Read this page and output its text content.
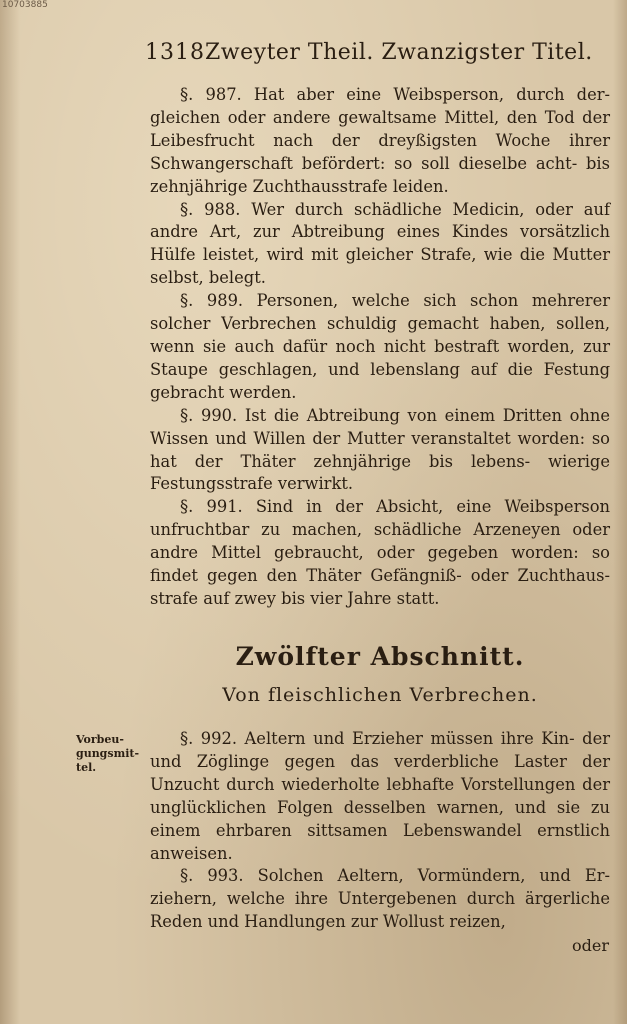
10703885
1318 Zweyter Theil. Zwanzigster Titel.

§. 987. Hat aber eine Weibsperson, durch der- gleichen oder andere gewaltsame Mittel, den Tod der Leibesfrucht nach der dreyßigsten Woche ihrer Schwangerschaft befördert: so soll dieselbe acht- bis zehnjährige Zuchthausstrafe leiden.

§. 988. Wer durch schädliche Medicin, oder auf andre Art, zur Abtreibung eines Kindes vorsätzlich Hülfe leistet, wird mit gleicher Strafe, wie die Mutter selbst, belegt.

§. 989. Personen, welche sich schon mehrerer solcher Verbrechen schuldig gemacht haben, sollen, wenn sie auch dafür noch nicht bestraft worden, zur Staupe geschlagen, und lebenslang auf die Festung gebracht werden.

§. 990. Ist die Abtreibung von einem Dritten ohne Wissen und Willen der Mutter veranstaltet worden: so hat der Thäter zehnjährige bis lebens- wierige Festungsstrafe verwirkt.

§. 991. Sind in der Absicht, eine Weibsperson unfruchtbar zu machen, schädliche Arzeneyen oder andre Mittel gebraucht, oder gegeben worden: so findet gegen den Thäter Gefängniß- oder Zuchthaus- strafe auf zwey bis vier Jahre statt.

Zwölfter Abschnitt.
Von fleischlichen Verbrechen.
Vorbeu- gungsmit- tel.

§. 992. Aeltern und Erzieher müssen ihre Kin- der und Zöglinge gegen das verderbliche Laster der Unzucht durch wiederholte lebhafte Vorstellungen der unglücklichen Folgen desselben warnen, und sie zu einem ehrbaren sittsamen Lebenswandel ernstlich anweisen.

§. 993. Solchen Aeltern, Vormündern, und Er- ziehern, welche ihre Untergebenen durch ärgerliche Reden und Handlungen zur Wollust reizen,

oder
